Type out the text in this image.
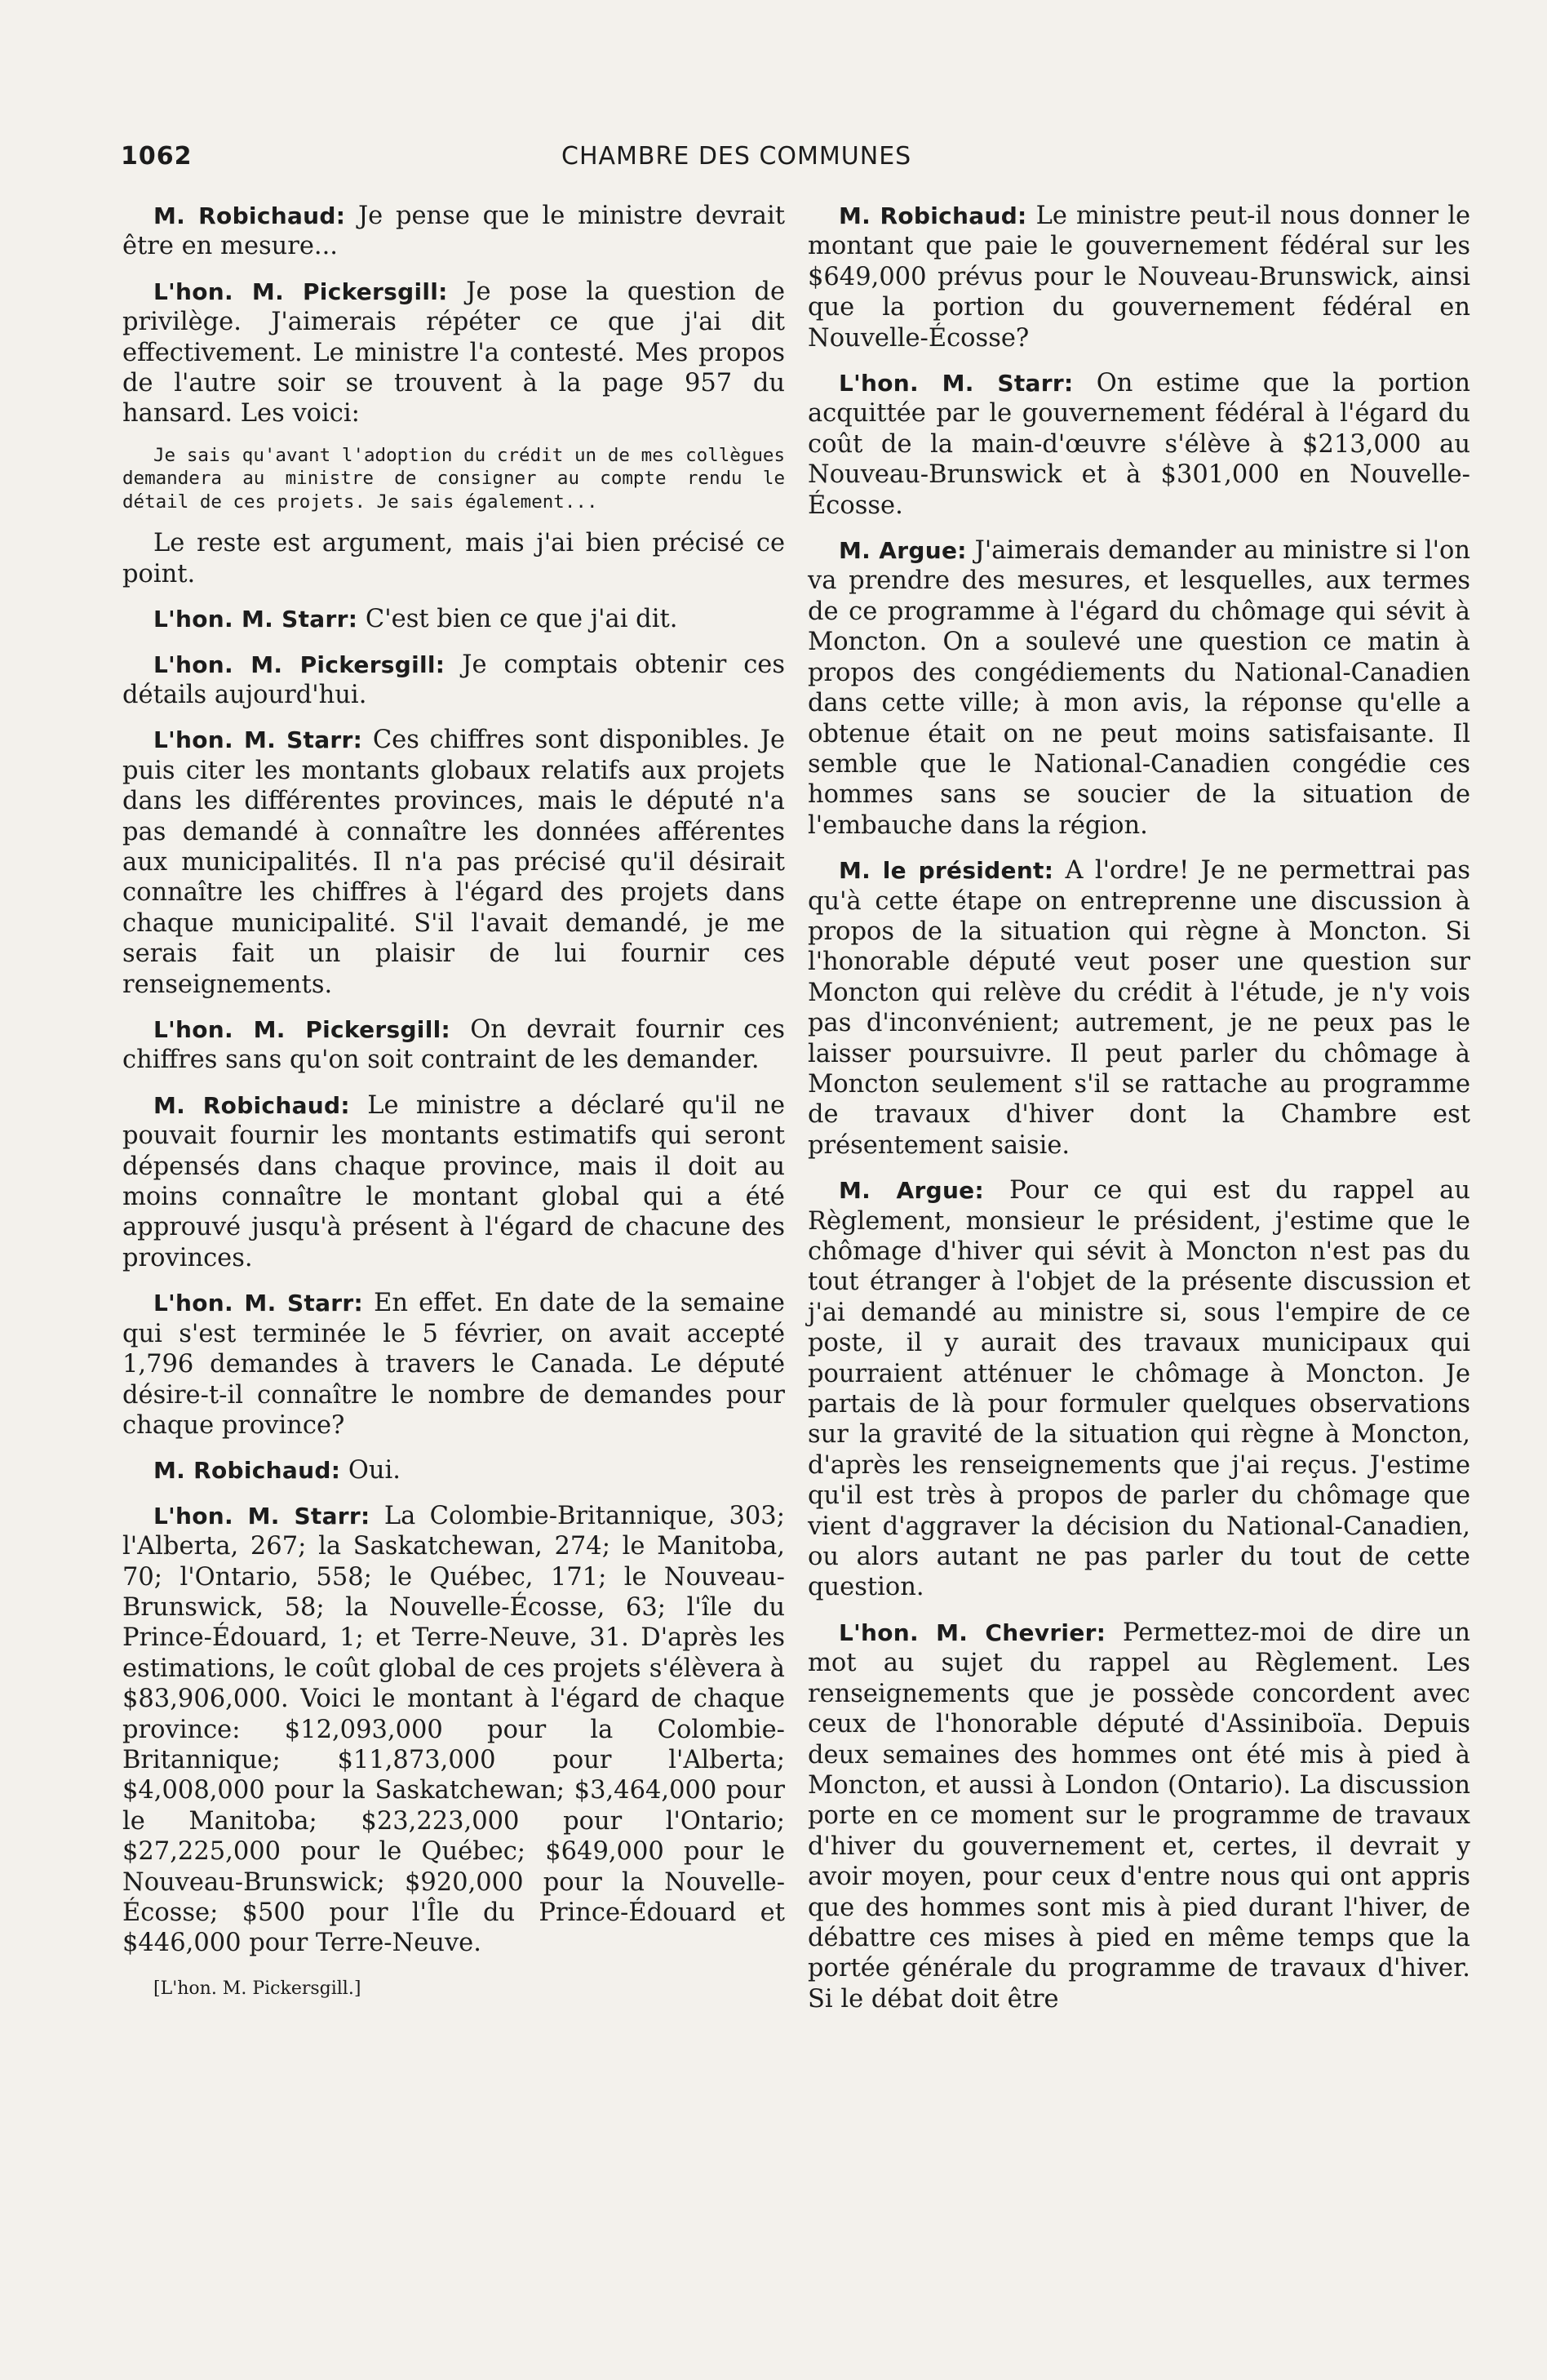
1062	CHAMBRE DES COMMUNES

M. Robichaud: Je pense que le ministre devrait être en mesure...

L'hon. M. Pickersgill: Je pose la question de privilège. J'aimerais répéter ce que j'ai dit effectivement. Le ministre l'a contesté. Mes propos de l'autre soir se trouvent à la page 957 du hansard. Les voici:

Je sais qu'avant l'adoption du crédit un de mes collègues demandera au ministre de consigner au compte rendu le détail de ces projets. Je sais également...

Le reste est argument, mais j'ai bien précisé ce point.

L'hon. M. Starr: C'est bien ce que j'ai dit.

L'hon. M. Pickersgill: Je comptais obtenir ces détails aujourd'hui.

L'hon. M. Starr: Ces chiffres sont disponibles. Je puis citer les montants globaux relatifs aux projets dans les différentes provinces, mais le député n'a pas demandé à connaître les données afférentes aux municipalités. Il n'a pas précisé qu'il désirait connaître les chiffres à l'égard des projets dans chaque municipalité. S'il l'avait demandé, je me serais fait un plaisir de lui fournir ces renseignements.

L'hon. M. Pickersgill: On devrait fournir ces chiffres sans qu'on soit contraint de les demander.

M. Robichaud: Le ministre a déclaré qu'il ne pouvait fournir les montants estimatifs qui seront dépensés dans chaque province, mais il doit au moins connaître le montant global qui a été approuvé jusqu'à présent à l'égard de chacune des provinces.

L'hon. M. Starr: En effet. En date de la semaine qui s'est terminée le 5 février, on avait accepté 1,796 demandes à travers le Canada. Le député désire-t-il connaître le nombre de demandes pour chaque province?

M. Robichaud: Oui.

L'hon. M. Starr: La Colombie-Britannique, 303; l'Alberta, 267; la Saskatchewan, 274; le Manitoba, 70; l'Ontario, 558; le Québec, 171; le Nouveau-Brunswick, 58; la Nouvelle-Écosse, 63; l'île du Prince-Édouard, 1; et Terre-Neuve, 31. D'après les estimations, le coût global de ces projets s'élèvera à $83,906,000. Voici le montant à l'égard de chaque province: $12,093,000 pour la Colombie-Britannique; $11,873,000 pour l'Alberta; $4,008,000 pour la Saskatchewan; $3,464,000 pour le Manitoba; $23,223,000 pour l'Ontario; $27,225,000 pour le Québec; $649,000 pour le Nouveau-Brunswick; $920,000 pour la Nouvelle-Écosse; $500 pour l'Île du Prince-Édouard et $446,000 pour Terre-Neuve.

[L'hon. M. Pickersgill.]

M. Robichaud: Le ministre peut-il nous donner le montant que paie le gouvernement fédéral sur les $649,000 prévus pour le Nouveau-Brunswick, ainsi que la portion du gouvernement fédéral en Nouvelle-Écosse?

L'hon. M. Starr: On estime que la portion acquittée par le gouvernement fédéral à l'égard du coût de la main-d'œuvre s'élève à $213,000 au Nouveau-Brunswick et à $301,000 en Nouvelle-Écosse.

M. Argue: J'aimerais demander au ministre si l'on va prendre des mesures, et lesquelles, aux termes de ce programme à l'égard du chômage qui sévit à Moncton. On a soulevé une question ce matin à propos des congédiements du National-Canadien dans cette ville; à mon avis, la réponse qu'elle a obtenue était on ne peut moins satisfaisante. Il semble que le National-Canadien congédie ces hommes sans se soucier de la situation de l'embauche dans la région.

M. le président: A l'ordre! Je ne permettrai pas qu'à cette étape on entreprenne une discussion à propos de la situation qui règne à Moncton. Si l'honorable député veut poser une question sur Moncton qui relève du crédit à l'étude, je n'y vois pas d'inconvénient; autrement, je ne peux pas le laisser poursuivre. Il peut parler du chômage à Moncton seulement s'il se rattache au programme de travaux d'hiver dont la Chambre est présentement saisie.

M. Argue: Pour ce qui est du rappel au Règlement, monsieur le président, j'estime que le chômage d'hiver qui sévit à Moncton n'est pas du tout étranger à l'objet de la présente discussion et j'ai demandé au ministre si, sous l'empire de ce poste, il y aurait des travaux municipaux qui pourraient atténuer le chômage à Moncton. Je partais de là pour formuler quelques observations sur la gravité de la situation qui règne à Moncton, d'après les renseignements que j'ai reçus. J'estime qu'il est très à propos de parler du chômage que vient d'aggraver la décision du National-Canadien, ou alors autant ne pas parler du tout de cette question.

L'hon. M. Chevrier: Permettez-moi de dire un mot au sujet du rappel au Règlement. Les renseignements que je possède concordent avec ceux de l'honorable député d'Assiniboïa. Depuis deux semaines des hommes ont été mis à pied à Moncton, et aussi à London (Ontario). La discussion porte en ce moment sur le programme de travaux d'hiver du gouvernement et, certes, il devrait y avoir moyen, pour ceux d'entre nous qui ont appris que des hommes sont mis à pied durant l'hiver, de débattre ces mises à pied en même temps que la portée générale du programme de travaux d'hiver. Si le débat doit être
